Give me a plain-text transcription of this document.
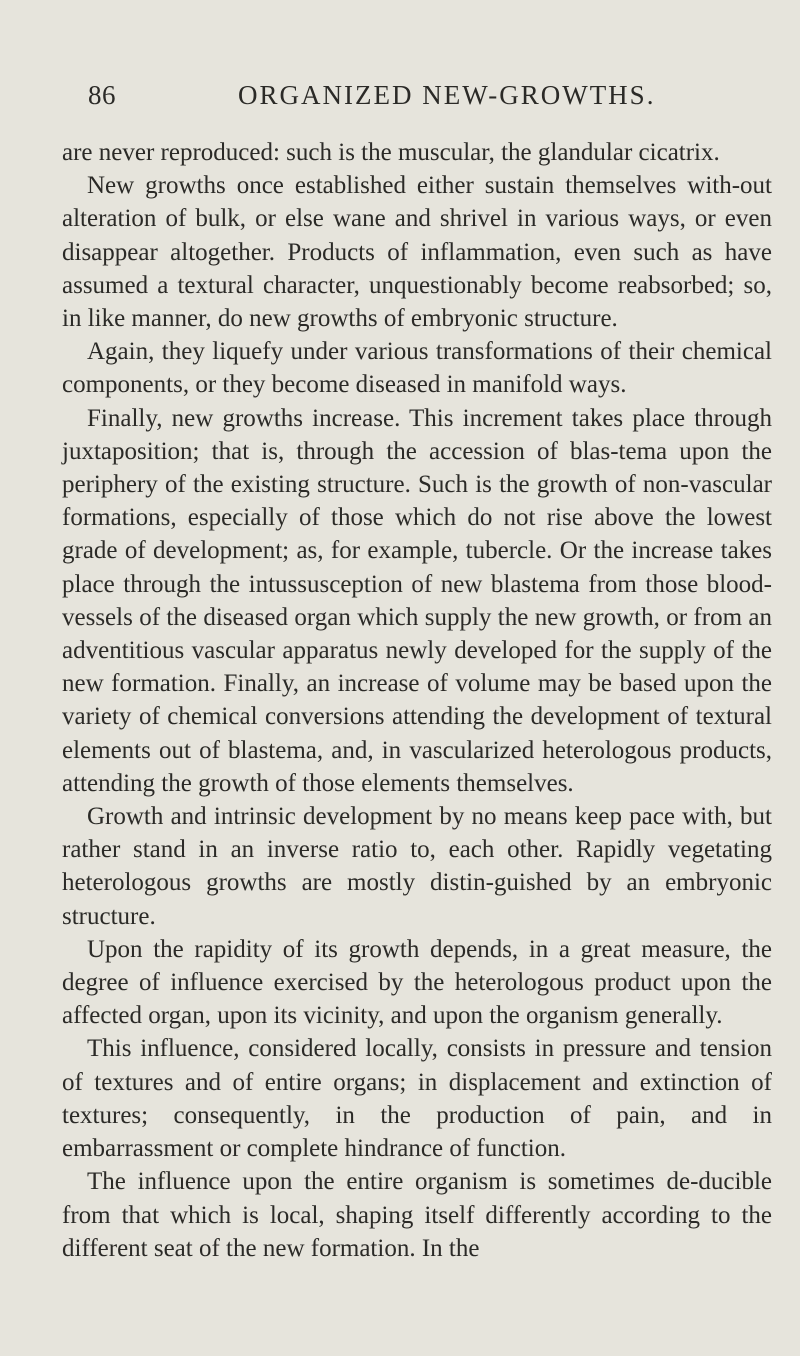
86	ORGANIZED NEW-GROWTHS.

are never reproduced: such is the muscular, the glandular cicatrix.

New growths once established either sustain themselves with-out alteration of bulk, or else wane and shrivel in various ways, or even disappear altogether. Products of inflammation, even such as have assumed a textural character, unquestionably become reabsorbed; so, in like manner, do new growths of embryonic structure.

Again, they liquefy under various transformations of their chemical components, or they become diseased in manifold ways.

Finally, new growths increase. This increment takes place through juxtaposition; that is, through the accession of blas-tema upon the periphery of the existing structure. Such is the growth of non-vascular formations, especially of those which do not rise above the lowest grade of development; as, for example, tubercle. Or the increase takes place through the intussusception of new blastema from those blood-vessels of the diseased organ which supply the new growth, or from an adventitious vascular apparatus newly developed for the supply of the new formation. Finally, an increase of volume may be based upon the variety of chemical conversions attending the development of textural elements out of blastema, and, in vascularized heterologous products, attending the growth of those elements themselves.

Growth and intrinsic development by no means keep pace with, but rather stand in an inverse ratio to, each other. Rapidly vegetating heterologous growths are mostly distin-guished by an embryonic structure.

Upon the rapidity of its growth depends, in a great measure, the degree of influence exercised by the heterologous product upon the affected organ, upon its vicinity, and upon the organism generally.

This influence, considered locally, consists in pressure and tension of textures and of entire organs; in displacement and extinction of textures; consequently, in the production of pain, and in embarrassment or complete hindrance of function.

The influence upon the entire organism is sometimes de-ducible from that which is local, shaping itself differently according to the different seat of the new formation. In the
